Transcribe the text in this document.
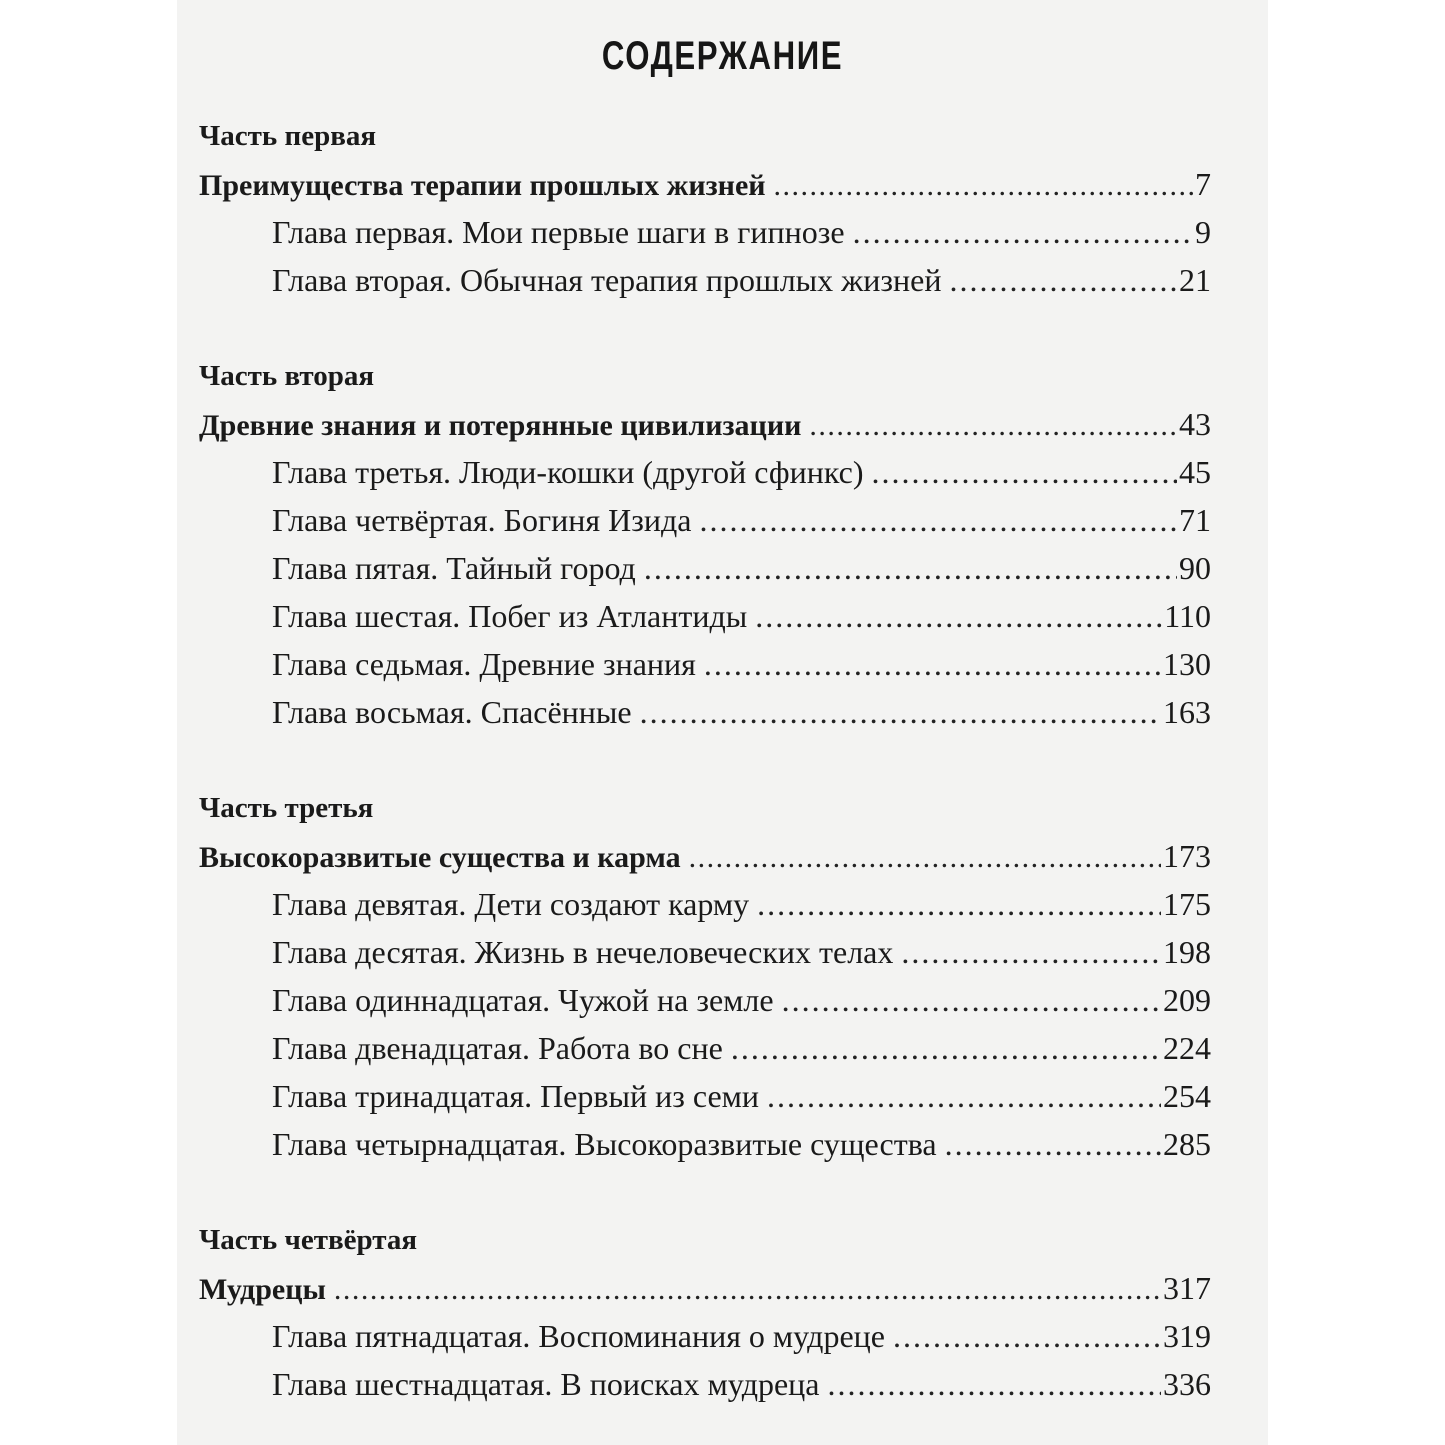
СОДЕРЖАНИЕ
Часть первая
Преимущества терапии прошлых жизней . . .	7
Глава первая. Мои первые шаги в гипнозе . . .	9
Глава вторая. Обычная терапия прошлых жизней . . .	21
Часть вторая
Древние знания и потерянные цивилизации . . .	43
Глава третья. Люди-кошки (другой сфинкс) . . .	45
Глава четвёртая. Богиня Изида . . .	71
Глава пятая. Тайный город . . .	90
Глава шестая. Побег из Атлантиды . . .	110
Глава седьмая. Древние знания . . .	130
Глава восьмая. Спасённые . . .	163
Часть третья
Высокоразвитые существа и карма . . .	173
Глава девятая. Дети создают карму . . .	175
Глава десятая. Жизнь в нечеловеческих телах . . .	198
Глава одиннадцатая. Чужой на земле . . .	209
Глава двенадцатая. Работа во сне . . .	224
Глава тринадцатая. Первый из семи . . .	254
Глава четырнадцатая. Высокоразвитые существа . . .	285
Часть четвёртая
Мудрецы . . .	317
Глава пятнадцатая. Воспоминания о мудреце . . .	319
Глава шестнадцатая. В поисках мудреца . . .	336
